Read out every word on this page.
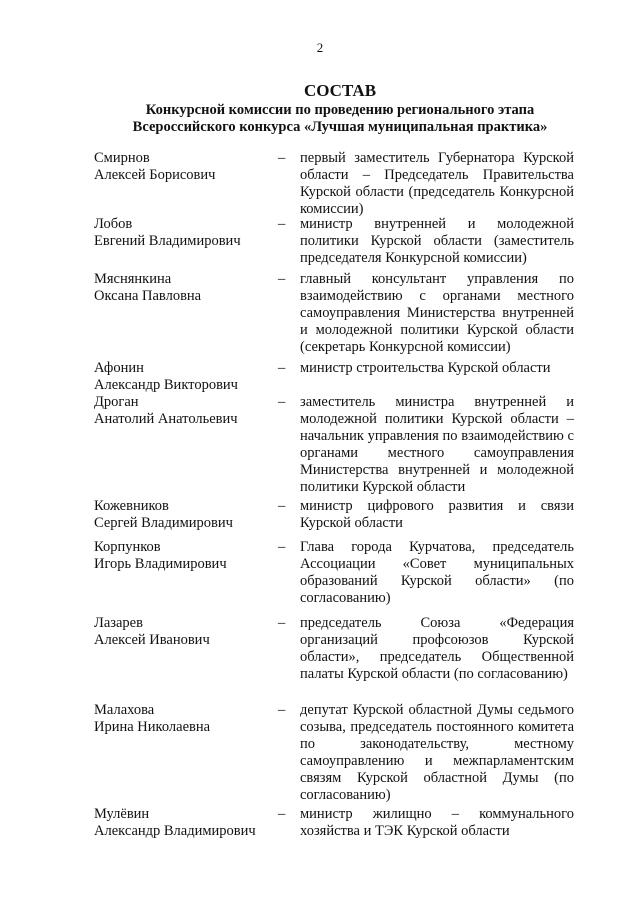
2
СОСТАВ
Конкурсной комиссии по проведению регионального этапа
Всероссийского конкурса «Лучшая муниципальная практика»
Смирнов
Алексей Борисович
– первый заместитель Губернатора Курской области – Председатель Правительства Курской области (председатель Конкурсной комиссии)
Лобов
Евгений Владимирович
– министр внутренней и молодежной политики Курской области (заместитель председателя Конкурсной комиссии)
Мяснянкина
Оксана Павловна
– главный консультант управления по взаимодействию с органами местного самоуправления Министерства внутренней и молодежной политики Курской области (секретарь Конкурсной комиссии)
Афонин
Александр Викторович
– министр строительства Курской области
Дроган
Анатолий Анатольевич
– заместитель министра внутренней и молодежной политики Курской области – начальник управления по взаимодействию с органами местного самоуправления Министерства внутренней и молодежной политики Курской области
Кожевников
Сергей Владимирович
– министр цифрового развития и связи Курской области
Корпунков
Игорь Владимирович
– Глава города Курчатова, председатель Ассоциации «Совет муниципальных образований Курской области» (по согласованию)
Лазарев
Алексей Иванович
– председатель Союза «Федерация организаций профсоюзов Курской области», председатель Общественной палаты Курской области (по согласованию)
Малахова
Ирина Николаевна
– депутат Курской областной Думы седьмого созыва, председатель постоянного комитета по законодательству, местному самоуправлению и межпарламентским связям Курской областной Думы (по согласованию)
Мулёвин
Александр Владимирович
– министр жилищно – коммунального хозяйства и ТЭК Курской области
